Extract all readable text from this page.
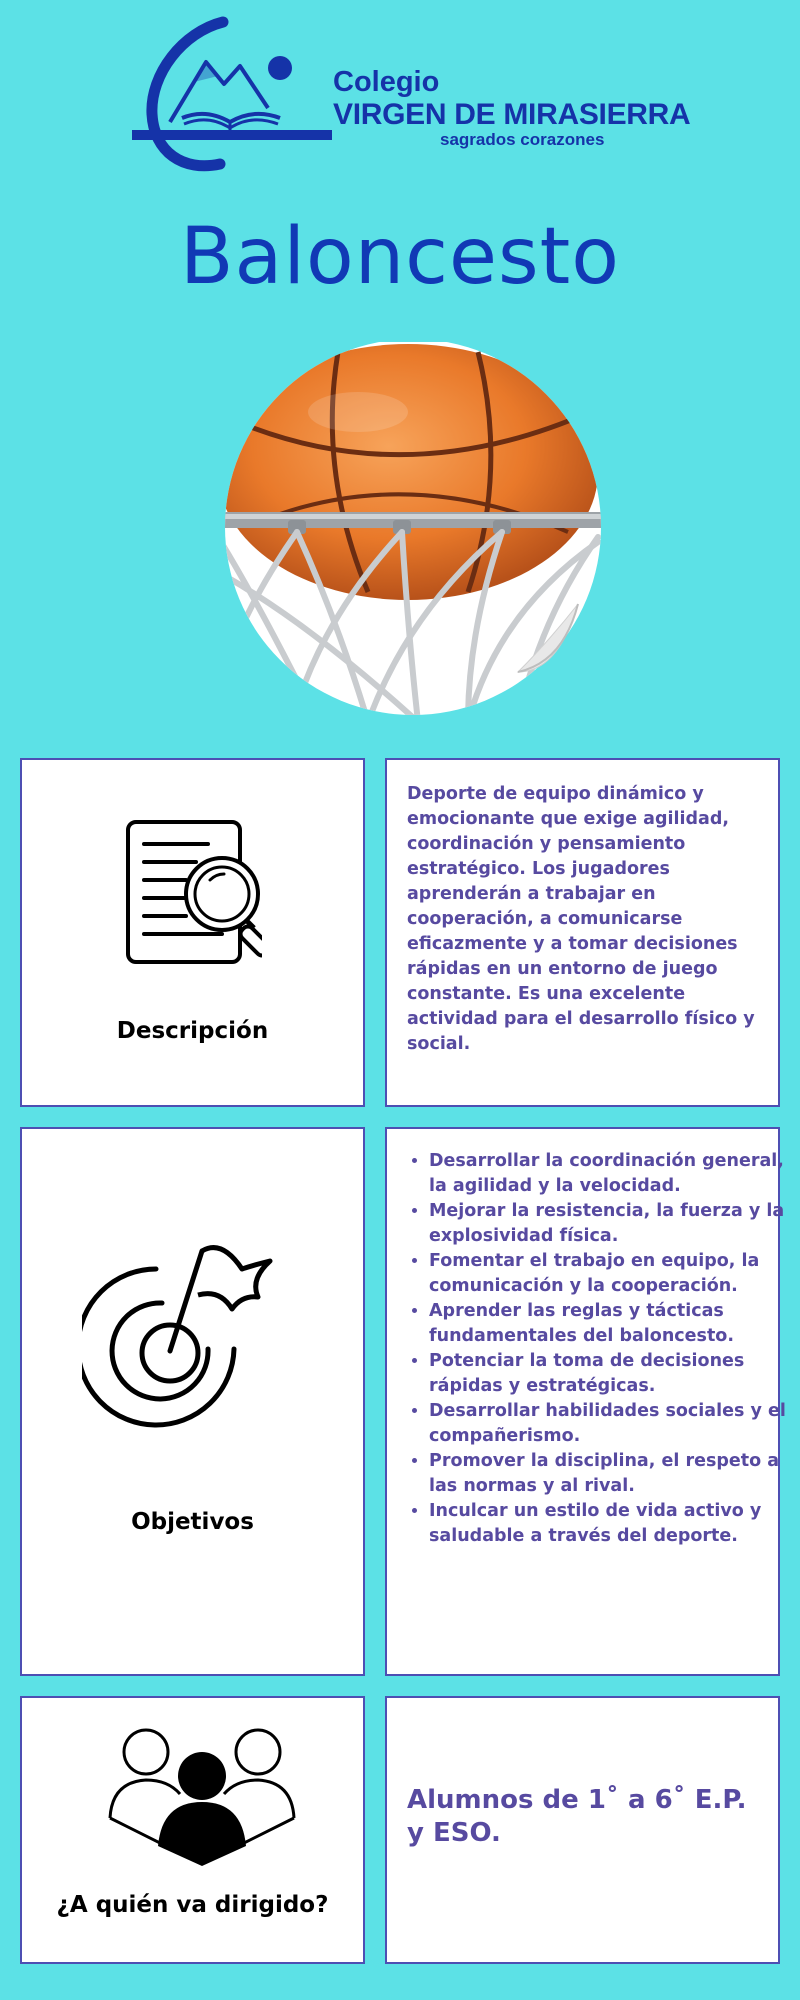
Colegio
VIRGEN DE MIRASIERRA
sagrados corazones
Baloncesto
Descripción
Deporte de equipo dinámico y emocionante que exige agilidad, coordinación y pensamiento estratégico. Los jugadores aprenderán a trabajar en cooperación, a comunicarse eficazmente y a tomar decisiones rápidas en un entorno de juego constante. Es una excelente actividad para el desarrollo físico y social.
Objetivos
• Desarrollar la coordinación general, la agilidad y la velocidad.
• Mejorar la resistencia, la fuerza y la explosividad física.
• Fomentar el trabajo en equipo, la comunicación y la cooperación.
• Aprender las reglas y tácticas fundamentales del baloncesto.
• Potenciar la toma de decisiones rápidas y estratégicas.
• Desarrollar habilidades sociales y el compañerismo.
• Promover la disciplina, el respeto a las normas y al rival.
• Inculcar un estilo de vida activo y saludable a través del deporte.
¿A quién va dirigido?
Alumnos de 1˚ a 6˚ E.P. y ESO.
